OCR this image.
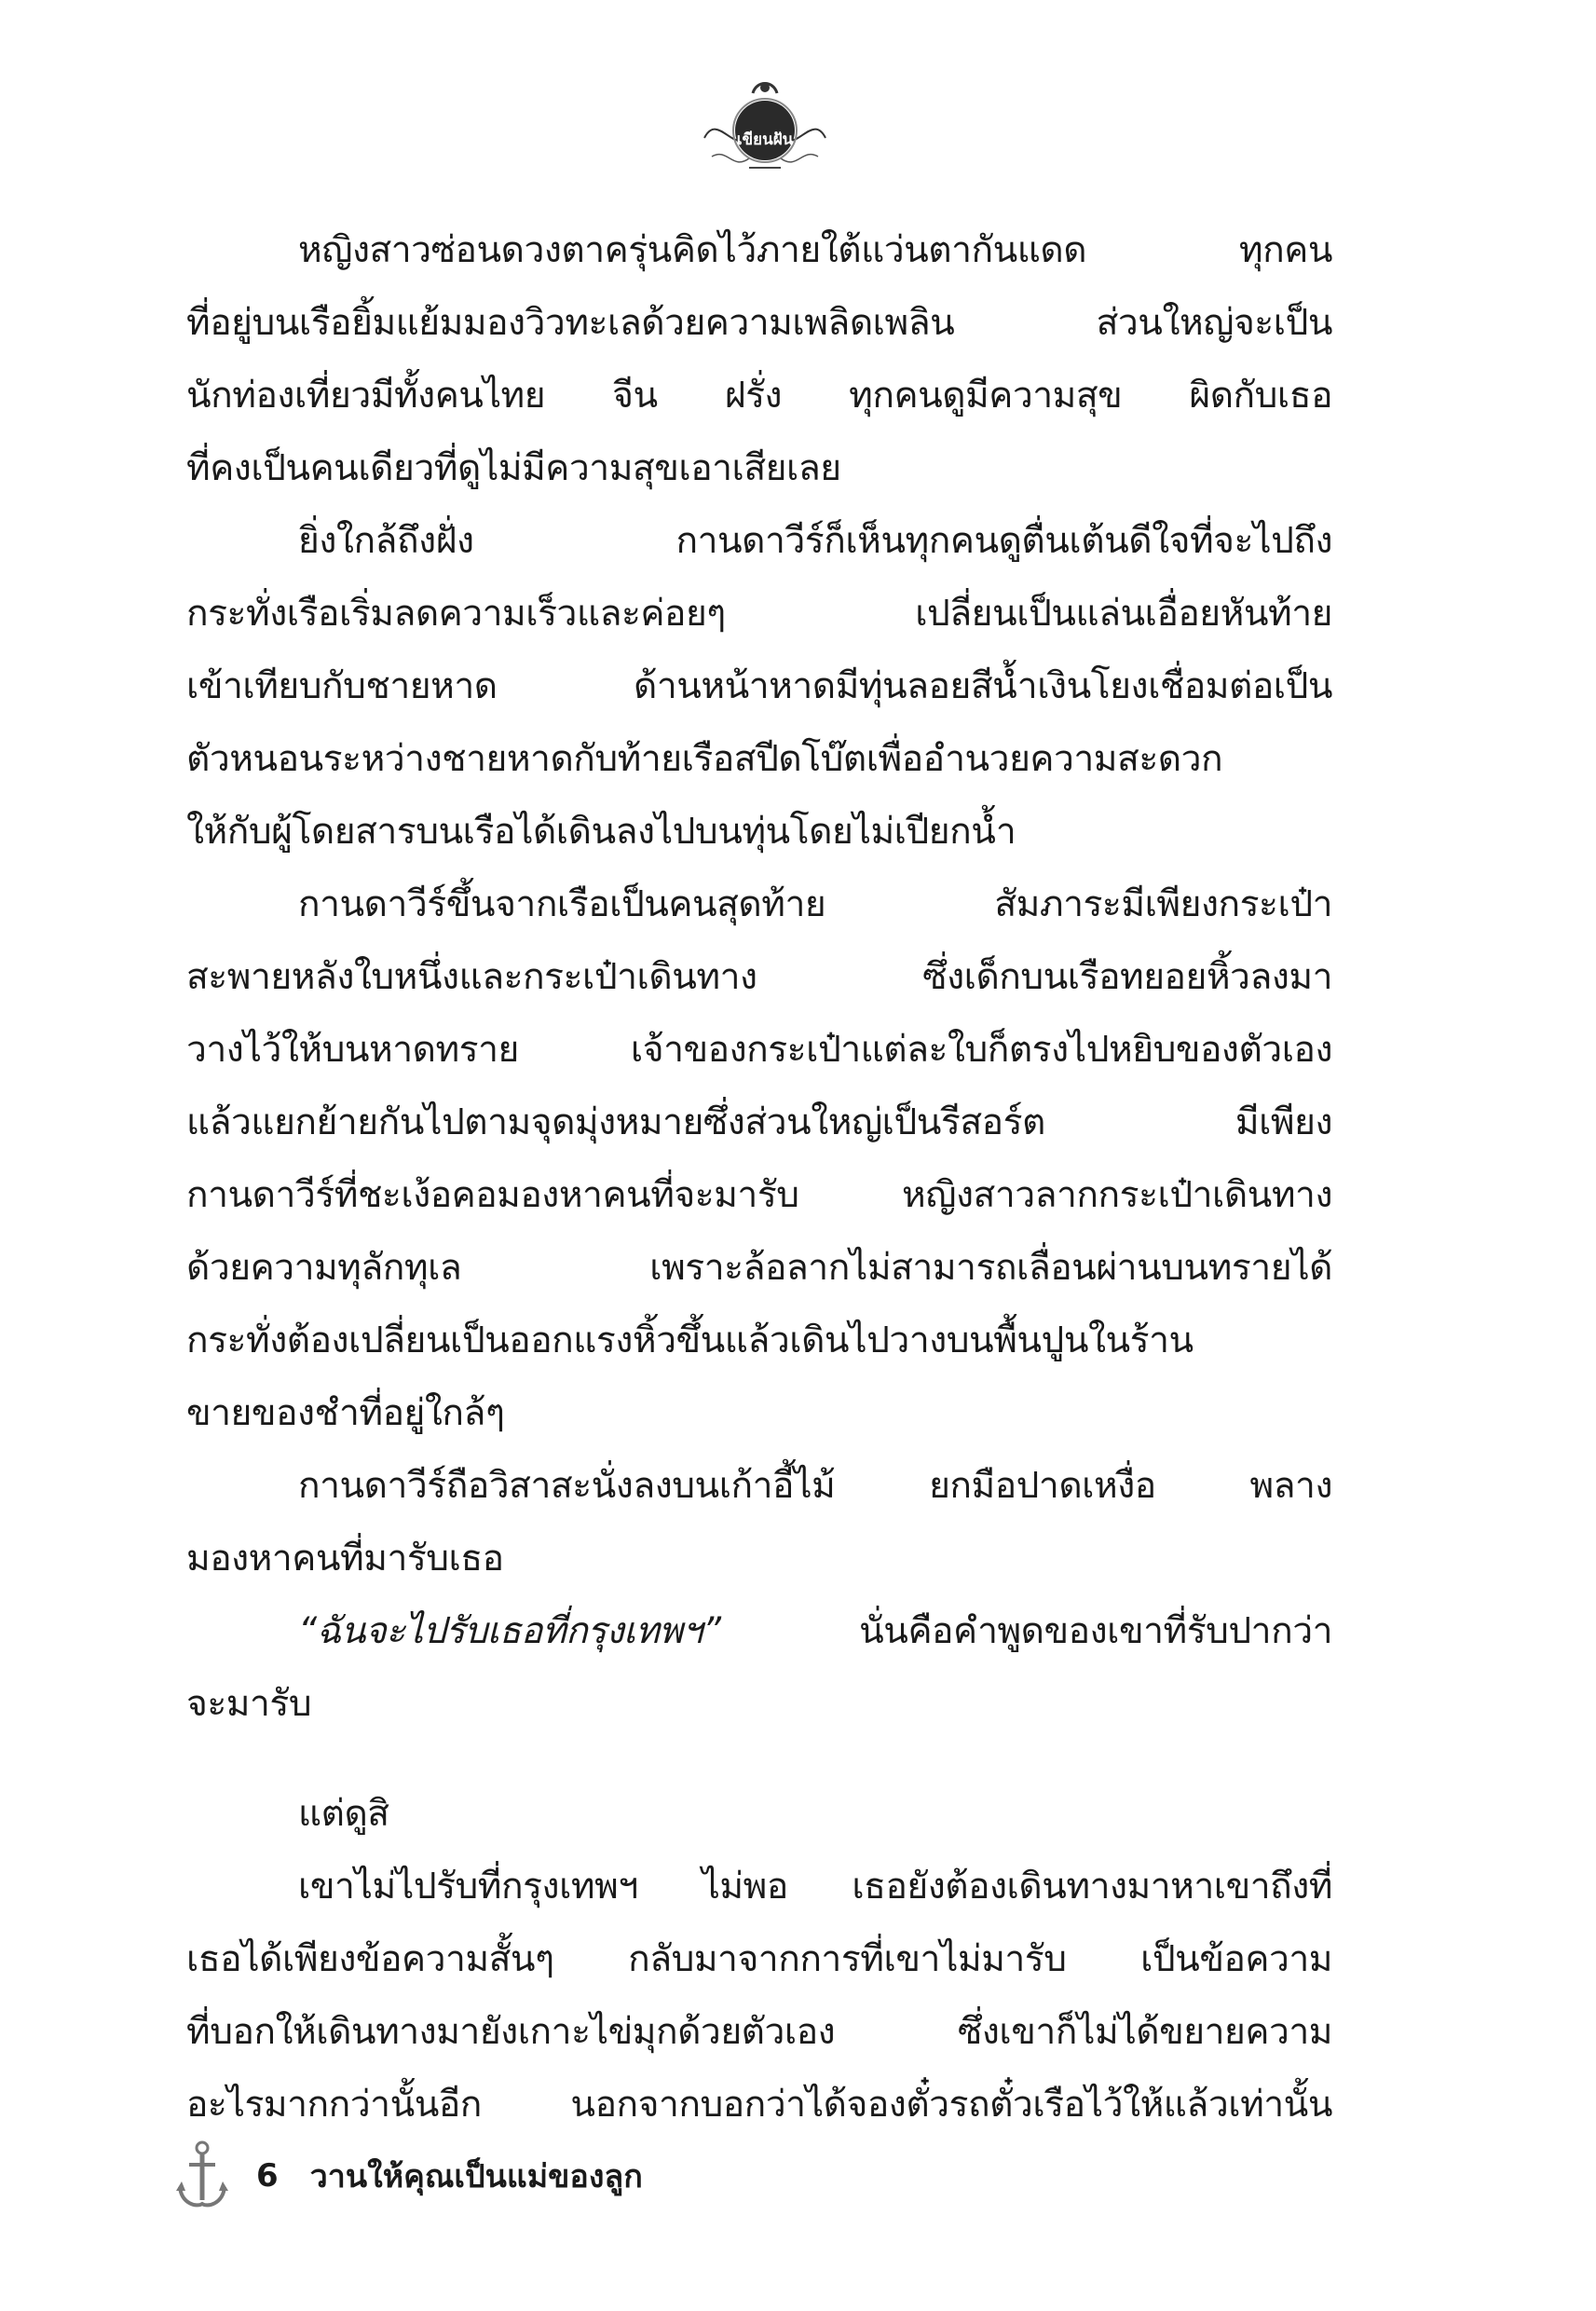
เขียนฝัน
หญิงสาวซ่อนดวงตาครุ่นคิดไว้ภายใต้แว่นตากันแดด ทุกคน
ที่อยู่บนเรือยิ้มแย้มมองวิวทะเลด้วยความเพลิดเพลิน ส่วนใหญ่จะเป็น
นักท่องเที่ยวมีทั้งคนไทย จีน ฝรั่ง ทุกคนดูมีความสุข ผิดกับเธอ
ที่คงเป็นคนเดียวที่ดูไม่มีความสุขเอาเสียเลย
ยิ่งใกล้ถึงฝั่ง กานดาวีร์ก็เห็นทุกคนดูตื่นเต้นดีใจที่จะไปถึง
กระทั่งเรือเริ่มลดความเร็วและค่อยๆ เปลี่ยนเป็นแล่นเอื่อยหันท้าย
เข้าเทียบกับชายหาด ด้านหน้าหาดมีทุ่นลอยสีน้ำเงินโยงเชื่อมต่อเป็น
ตัวหนอนระหว่างชายหาดกับท้ายเรือสปีดโบ๊ตเพื่ออำนวยความสะดวก
ให้กับผู้โดยสารบนเรือได้เดินลงไปบนทุ่นโดยไม่เปียกน้ำ
กานดาวีร์ขึ้นจากเรือเป็นคนสุดท้าย สัมภาระมีเพียงกระเป๋า
สะพายหลังใบหนึ่งและกระเป๋าเดินทาง ซึ่งเด็กบนเรือทยอยหิ้วลงมา
วางไว้ให้บนหาดทราย เจ้าของกระเป๋าแต่ละใบก็ตรงไปหยิบของตัวเอง
แล้วแยกย้ายกันไปตามจุดมุ่งหมายซึ่งส่วนใหญ่เป็นรีสอร์ต มีเพียง
กานดาวีร์ที่ชะเง้อคอมองหาคนที่จะมารับ หญิงสาวลากกระเป๋าเดินทาง
ด้วยความทุลักทุเล เพราะล้อลากไม่สามารถเลื่อนผ่านบนทรายได้
กระทั่งต้องเปลี่ยนเป็นออกแรงหิ้วขึ้นแล้วเดินไปวางบนพื้นปูนในร้าน
ขายของชำที่อยู่ใกล้ๆ
กานดาวีร์ถือวิสาสะนั่งลงบนเก้าอี้ไม้ ยกมือปาดเหงื่อ พลาง
มองหาคนที่มารับเธอ
“ฉันจะไปรับเธอที่กรุงเทพฯ” นั่นคือคำพูดของเขาที่รับปากว่า
จะมารับ
แต่ดูสิ
เขาไม่ไปรับที่กรุงเทพฯ ไม่พอ เธอยังต้องเดินทางมาหาเขาถึงที่
เธอได้เพียงข้อความสั้นๆ กลับมาจากการที่เขาไม่มารับ เป็นข้อความ
ที่บอกให้เดินทางมายังเกาะไข่มุกด้วยตัวเอง ซึ่งเขาก็ไม่ได้ขยายความ
อะไรมากกว่านั้นอีก นอกจากบอกว่าได้จองตั๋วรถตั๋วเรือไว้ให้แล้วเท่านั้น
6 วานให้คุณเป็นแม่ของลูก
